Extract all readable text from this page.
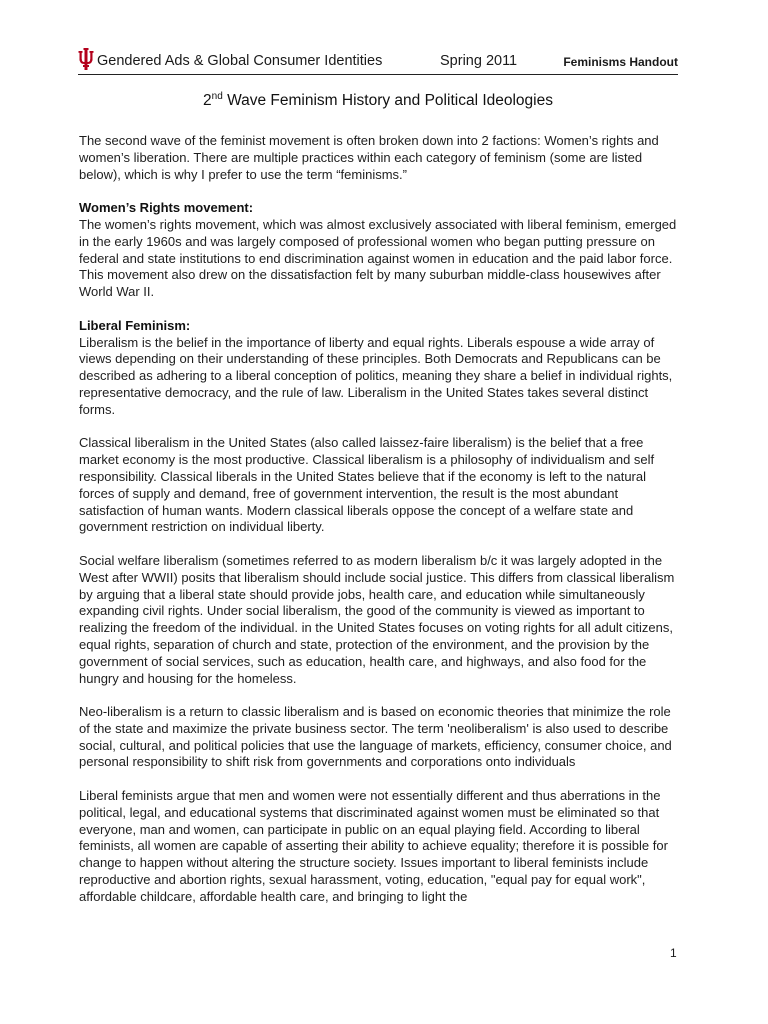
Gendered Ads & Global Consumer Identities	Spring 2011	Feminisms Handout
2nd Wave Feminism History and Political Ideologies

The second wave of the feminist movement is often broken down into 2 factions: Women’s rights and women’s liberation. There are multiple practices within each category of feminism (some are listed below), which is why I prefer to use the term “feminisms.”

Women’s Rights movement:

The women’s rights movement, which was almost exclusively associated with liberal feminism, emerged in the early 1960s and was largely composed of professional women who began putting pressure on federal and state institutions to end discrimination against women in education and the paid labor force. This movement also drew on the dissatisfaction felt by many suburban middle-class housewives after World War II.

Liberal Feminism:

Liberalism is the belief in the importance of liberty and equal rights. Liberals espouse a wide array of views depending on their understanding of these principles. Both Democrats and Republicans can be described as adhering to a liberal conception of politics, meaning they share a belief in individual rights, representative democracy, and the rule of law. Liberalism in the United States takes several distinct forms.

Classical liberalism in the United States (also called laissez-faire liberalism) is the belief that a free market economy is the most productive. Classical liberalism is a philosophy of individualism and self responsibility. Classical liberals in the United States believe that if the economy is left to the natural forces of supply and demand, free of government intervention, the result is the most abundant satisfaction of human wants. Modern classical liberals oppose the concept of a welfare state and government restriction on individual liberty.

Social welfare liberalism (sometimes referred to as modern liberalism b/c it was largely adopted in the West after WWII) posits that liberalism should include social justice. This differs from classical liberalism by arguing that a liberal state should provide jobs, health care, and education while simultaneously expanding civil rights. Under social liberalism, the good of the community is viewed as important to realizing the freedom of the individual. in the United States focuses on voting rights for all adult citizens, equal rights, separation of church and state, protection of the environment, and the provision by the government of social services, such as education, health care, and highways, and also food for the hungry and housing for the homeless.

Neo-liberalism is a return to classic liberalism and is based on economic theories that minimize the role of the state and maximize the private business sector. The term 'neoliberalism' is also used to describe social, cultural, and political policies that use the language of markets, efficiency, consumer choice, and personal responsibility to shift risk from governments and corporations onto individuals

Liberal feminists argue that men and women were not essentially different and thus aberrations in the political, legal, and educational systems that discriminated against women must be eliminated so that everyone, man and women, can participate in public on an equal playing field. According to liberal feminists, all women are capable of asserting their ability to achieve equality; therefore it is possible for change to happen without altering the structure society. Issues important to liberal feminists include reproductive and abortion rights, sexual harassment, voting, education, "equal pay for equal work", affordable childcare, affordable health care, and bringing to light the

1
